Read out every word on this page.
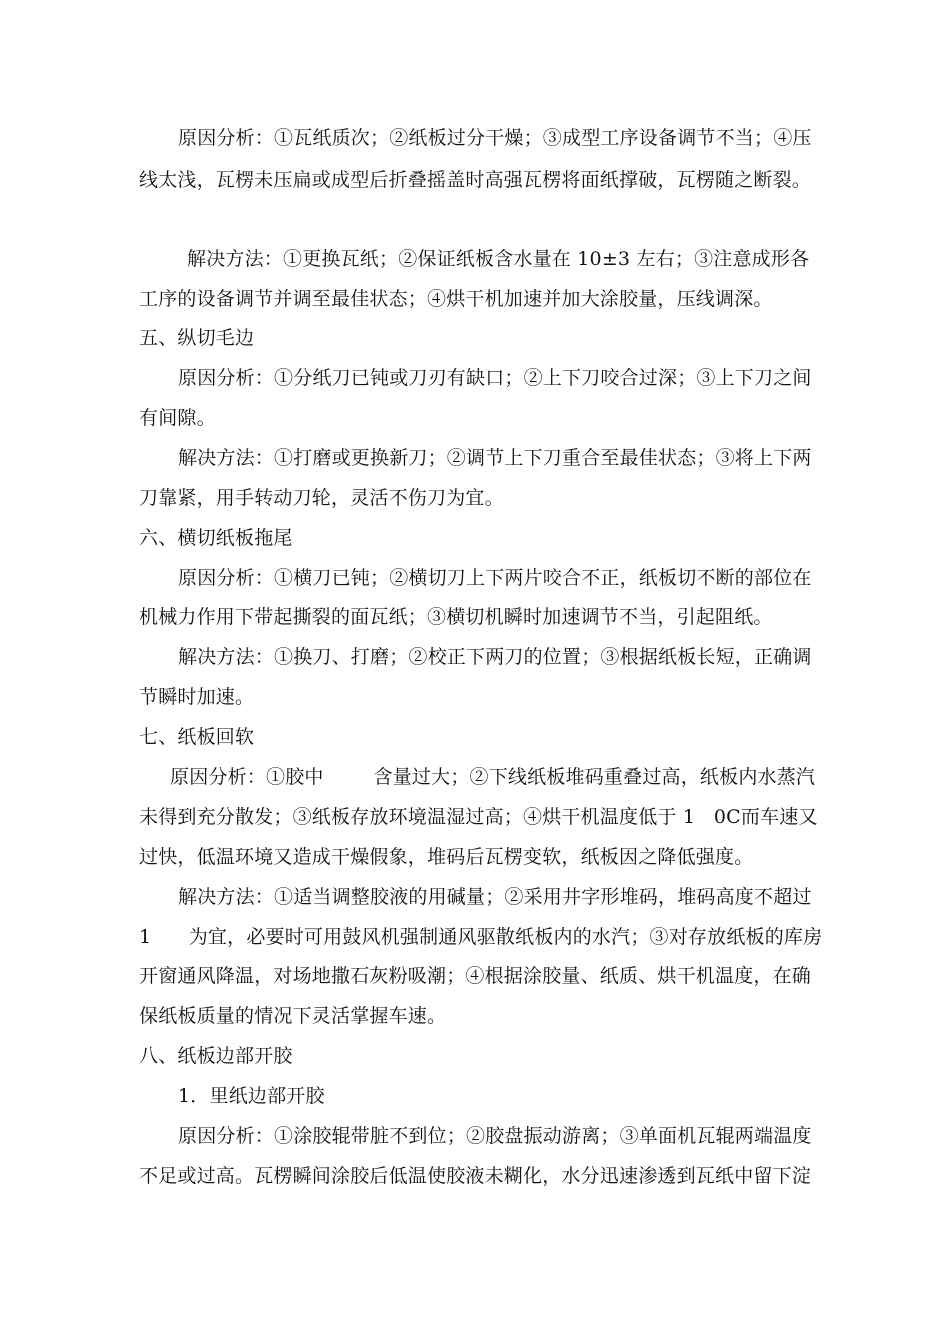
原因分析：①瓦纸质次；②纸板过分干燥；③成型工序设备调节不当；④压
线太浅，瓦楞未压扁或成型后折叠摇盖时高强瓦楞将面纸撑破，瓦楞随之断裂。
解决方法：①更换瓦纸；②保证纸板含水量在 10±3 左右；③注意成形各
工序的设备调节并调至最佳状态；④烘干机加速并加大涂胶量，压线调深。
五、纵切毛边
原因分析：①分纸刀已钝或刀刃有缺口；②上下刀咬合过深；③上下刀之间
有间隙。
解决方法：①打磨或更换新刀；②调节上下刀重合至最佳状态；③将上下两
刀靠紧，用手转动刀轮，灵活不伤刀为宜。
六、横切纸板拖尾
原因分析：①横刀已钝；②横切刀上下两片咬合不正，纸板切不断的部位在
机械力作用下带起撕裂的面瓦纸；③横切机瞬时加速调节不当，引起阻纸。
解决方法：①换刀、打磨；②校正下两刀的位置；③根据纸板长短，正确调
节瞬时加速。
七、纸板回软
原因分析：①胶中        含量过大；②下线纸板堆码重叠过高，纸板内水蒸汽
未得到充分散发；③纸板存放环境温湿过高；④烘干机温度低于 1   0C而车速又
过快，低温环境又造成干燥假象，堆码后瓦楞变软，纸板因之降低强度。
解决方法：①适当调整胶液的用碱量；②采用井字形堆码，堆码高度不超过
1      为宜，必要时可用鼓风机强制通风驱散纸板内的水汽；③对存放纸板的库房
开窗通风降温，对场地撒石灰粉吸潮；④根据涂胶量、纸质、烘干机温度，在确
保纸板质量的情况下灵活掌握车速。
八、纸板边部开胶
1．里纸边部开胶
原因分析：①涂胶辊带脏不到位；②胶盘振动游离；③单面机瓦辊两端温度
不足或过高。瓦楞瞬间涂胶后低温使胶液未糊化，水分迅速渗透到瓦纸中留下淀
